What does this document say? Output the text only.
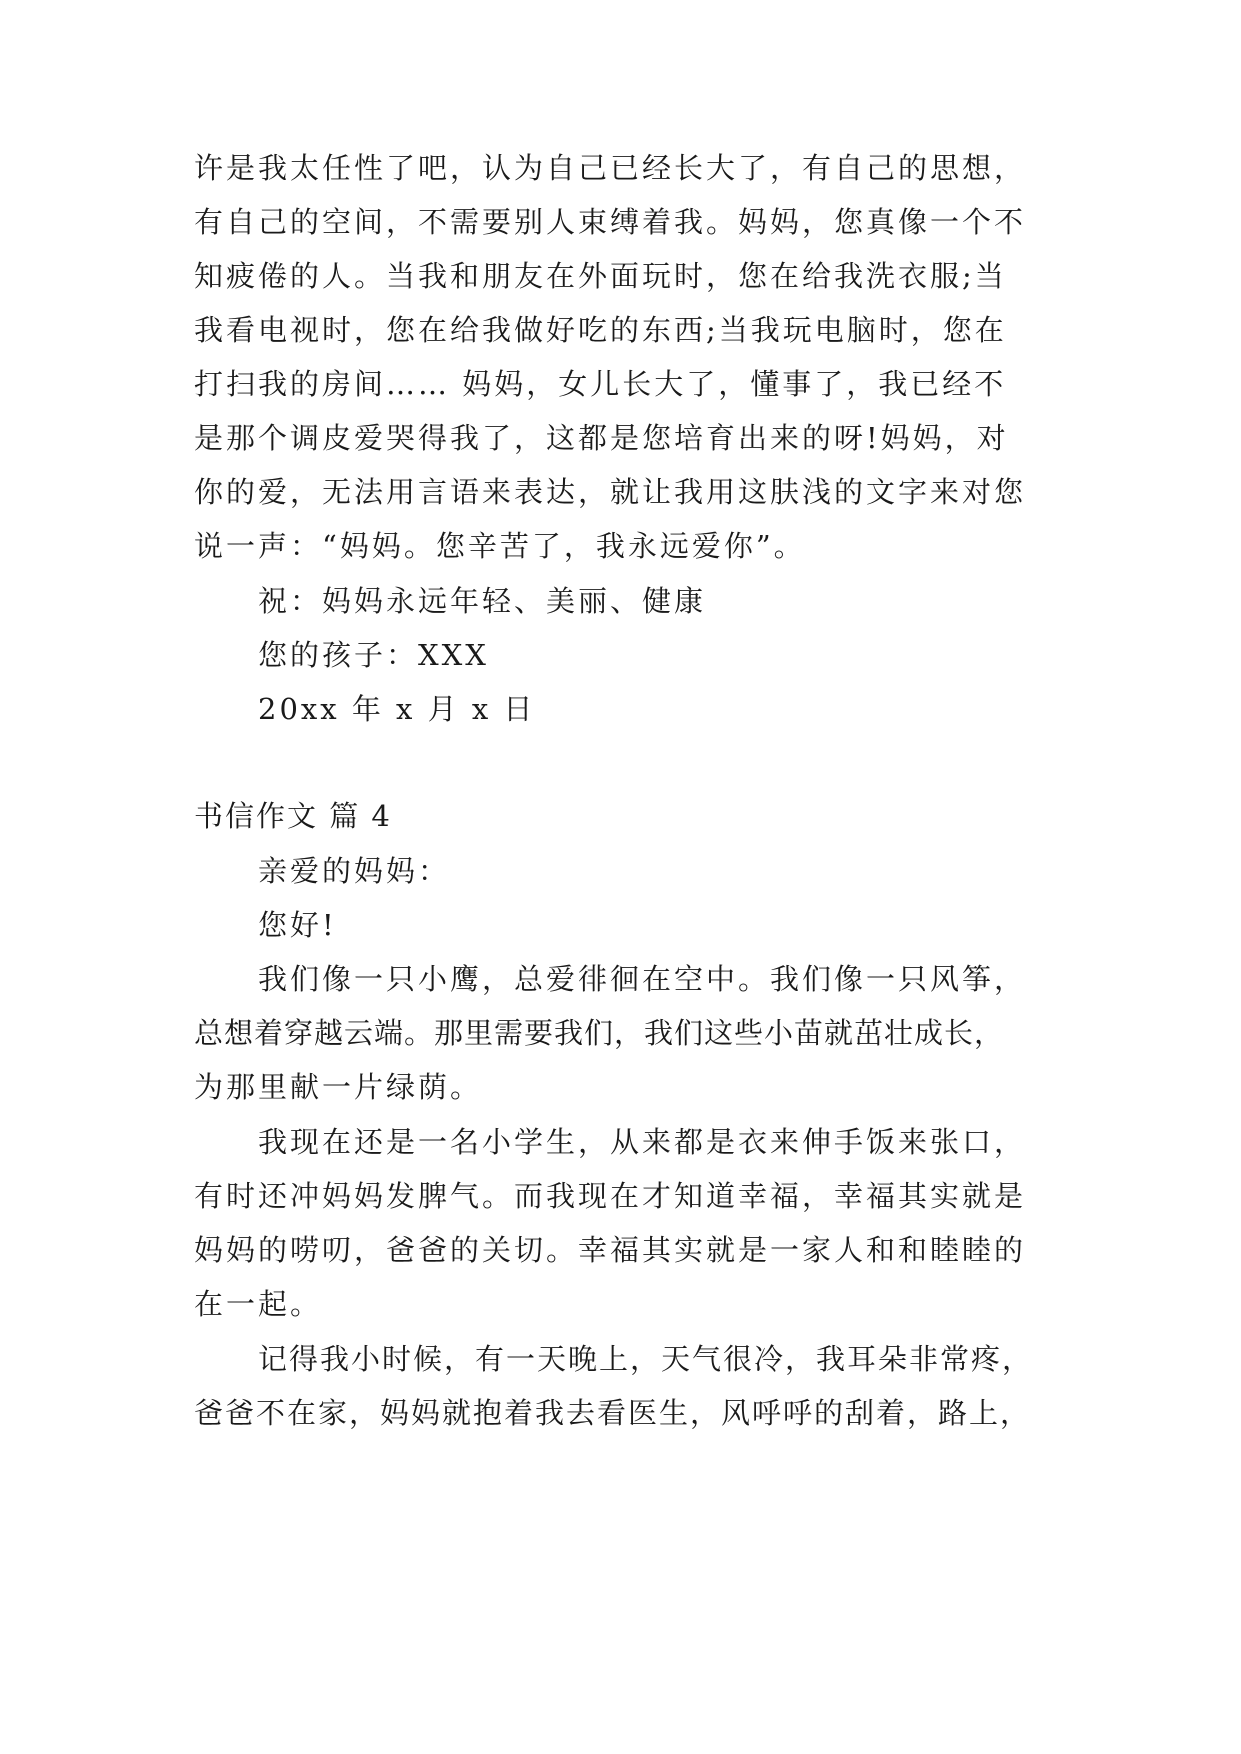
许是我太任性了吧，认为自己已经长大了，有自己的思想，
有自己的空间，不需要别人束缚着我。妈妈，您真像一个不
知疲倦的人。当我和朋友在外面玩时，您在给我洗衣服;当
我看电视时，您在给我做好吃的东西;当我玩电脑时，您在
打扫我的房间…… 妈妈，女儿长大了，懂事了，我已经不
是那个调皮爱哭得我了，这都是您培育出来的呀!妈妈，对
你的爱，无法用言语来表达，就让我用这肤浅的文字来对您
说一声：“妈妈。您辛苦了，我永远爱你”。
祝：妈妈永远年轻、美丽、健康
您的孩子：XXX
20xx 年 x 月 x 日
书信作文 篇 4
亲爱的妈妈：
您好!
我们像一只小鹰，总爱徘徊在空中。我们像一只风筝，
总想着穿越云端。那里需要我们，我们这些小苗就茁壮成长，
为那里献一片绿荫。
我现在还是一名小学生，从来都是衣来伸手饭来张口，
有时还冲妈妈发脾气。而我现在才知道幸福，幸福其实就是
妈妈的唠叨，爸爸的关切。幸福其实就是一家人和和睦睦的
在一起。
记得我小时候，有一天晚上，天气很冷，我耳朵非常疼，
爸爸不在家，妈妈就抱着我去看医生，风呼呼的刮着，路上，
